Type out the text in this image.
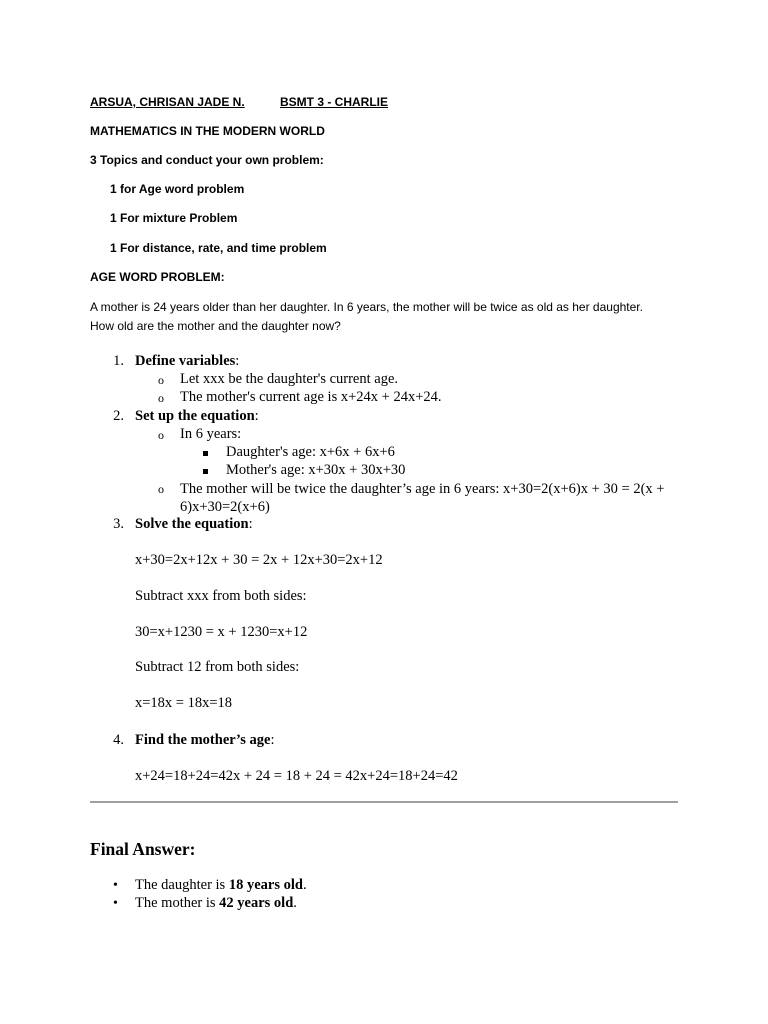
ARSUA, CHRISAN JADE N.	BSMT 3 - CHARLIE
MATHEMATICS IN THE MODERN WORLD
3 Topics and conduct your own problem:
1 for Age word problem
1 For mixture Problem
1 For distance, rate, and time problem
AGE WORD PROBLEM:
A mother is 24 years older than her daughter. In 6 years, the mother will be twice as old as her daughter. How old are the mother and the daughter now?
1. Define variables:
o Let xxx be the daughter's current age.
o The mother's current age is x+24x + 24x+24.
2. Set up the equation:
o In 6 years:
Daughter's age: x+6x + 6x+6
Mother's age: x+30x + 30x+30
o The mother will be twice the daughter’s age in 6 years: x+30=2(x+6)x + 30 = 2(x + 6)x+30=2(x+6)
3. Solve the equation:
x+30=2x+12x + 30 = 2x + 12x+30=2x+12
Subtract xxx from both sides:
30=x+1230 = x + 1230=x+12
Subtract 12 from both sides:
x=18x = 18x=18
4. Find the mother’s age:
x+24=18+24=42x + 24 = 18 + 24 = 42x+24=18+24=42
Final Answer:
• The daughter is 18 years old.
• The mother is 42 years old.
